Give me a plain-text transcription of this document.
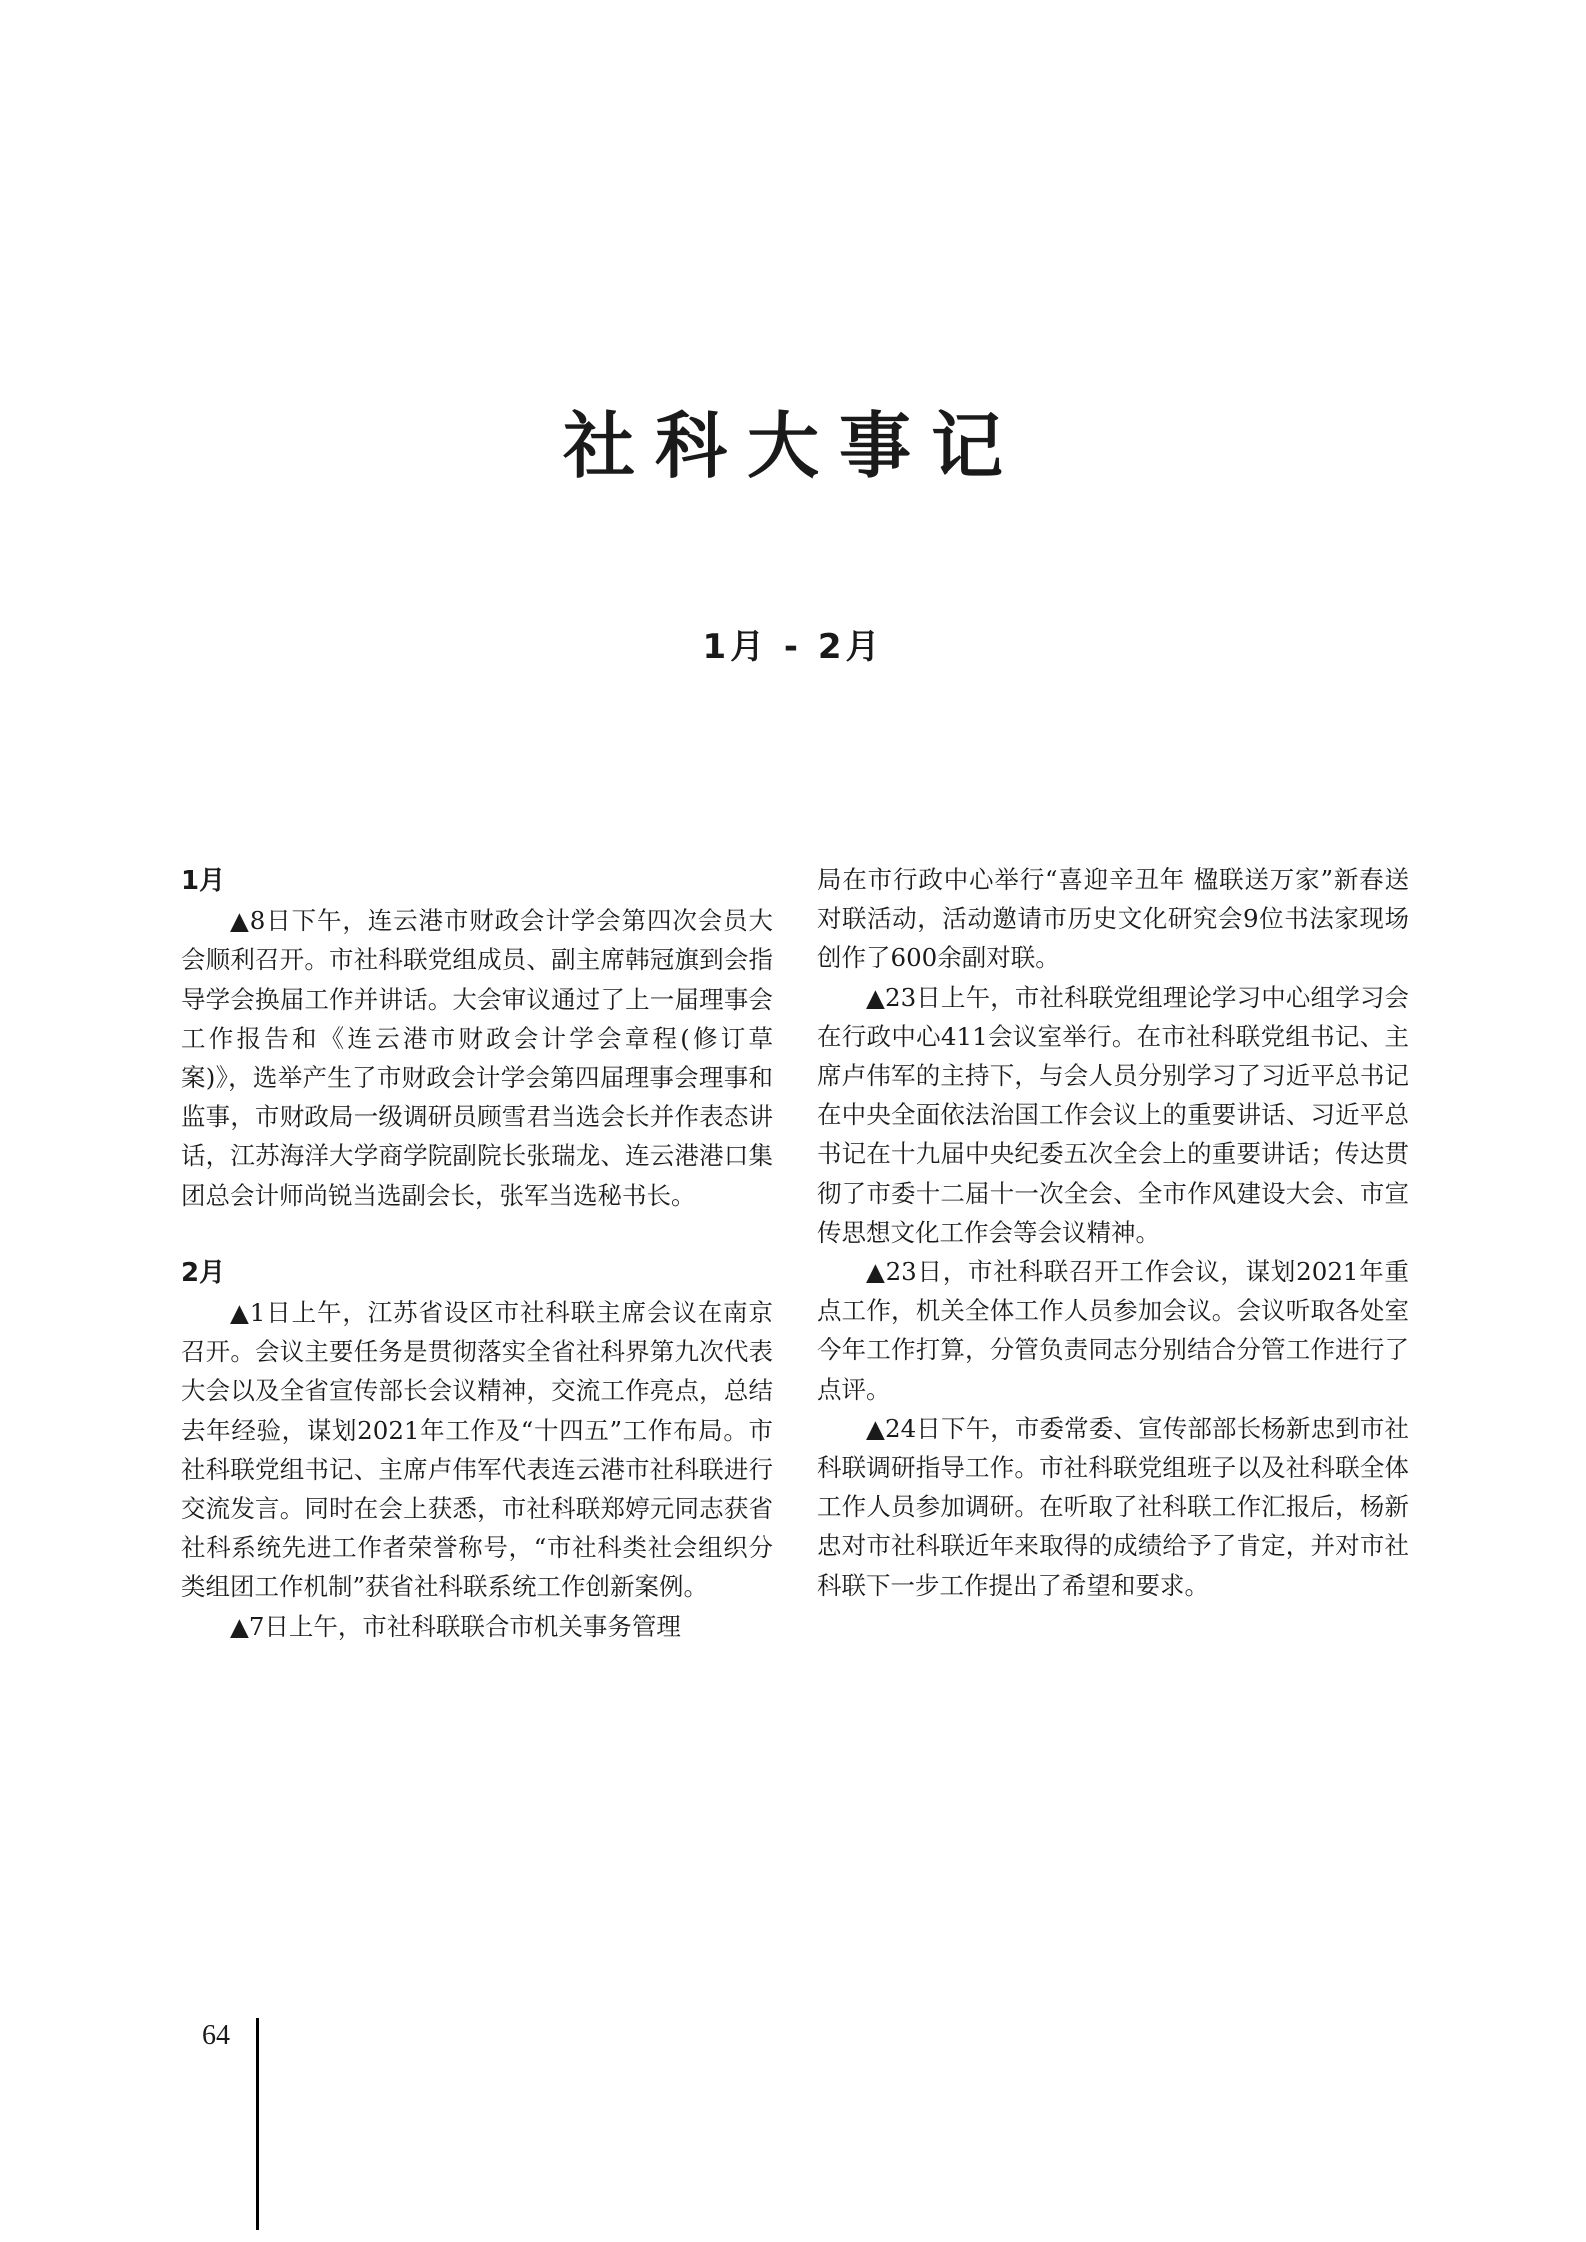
社科大事记
1月 - 2月
1月

▲8日下午，连云港市财政会计学会第四次会员大会顺利召开。市社科联党组成员、副主席韩冠旗到会指导学会换届工作并讲话。大会审议通过了上一届理事会工作报告和《连云港市财政会计学会章程(修订草案)》，选举产生了市财政会计学会第四届理事会理事和监事，市财政局一级调研员顾雪君当选会长并作表态讲话，江苏海洋大学商学院副院长张瑞龙、连云港港口集团总会计师尚锐当选副会长，张军当选秘书长。

2月

▲1日上午，江苏省设区市社科联主席会议在南京召开。会议主要任务是贯彻落实全省社科界第九次代表大会以及全省宣传部长会议精神，交流工作亮点，总结去年经验，谋划2021年工作及“十四五”工作布局。市社科联党组书记、主席卢伟军代表连云港市社科联进行交流发言。同时在会上获悉，市社科联郑婷元同志获省社科系统先进工作者荣誉称号，“市社科类社会组织分类组团工作机制”获省社科联系统工作创新案例。

▲7日上午，市社科联联合市机关事务管理

局在市行政中心举行“喜迎辛丑年 楹联送万家”新春送对联活动，活动邀请市历史文化研究会9位书法家现场创作了600余副对联。

▲23日上午，市社科联党组理论学习中心组学习会在行政中心411会议室举行。在市社科联党组书记、主席卢伟军的主持下，与会人员分别学习了习近平总书记在中央全面依法治国工作会议上的重要讲话、习近平总书记在十九届中央纪委五次全会上的重要讲话；传达贯彻了市委十二届十一次全会、全市作风建设大会、市宣传思想文化工作会等会议精神。

▲23日，市社科联召开工作会议，谋划2021年重点工作，机关全体工作人员参加会议。会议听取各处室今年工作打算，分管负责同志分别结合分管工作进行了点评。

▲24日下午，市委常委、宣传部部长杨新忠到市社科联调研指导工作。市社科联党组班子以及社科联全体工作人员参加调研。在听取了社科联工作汇报后，杨新忠对市社科联近年来取得的成绩给予了肯定，并对市社科联下一步工作提出了希望和要求。

64
